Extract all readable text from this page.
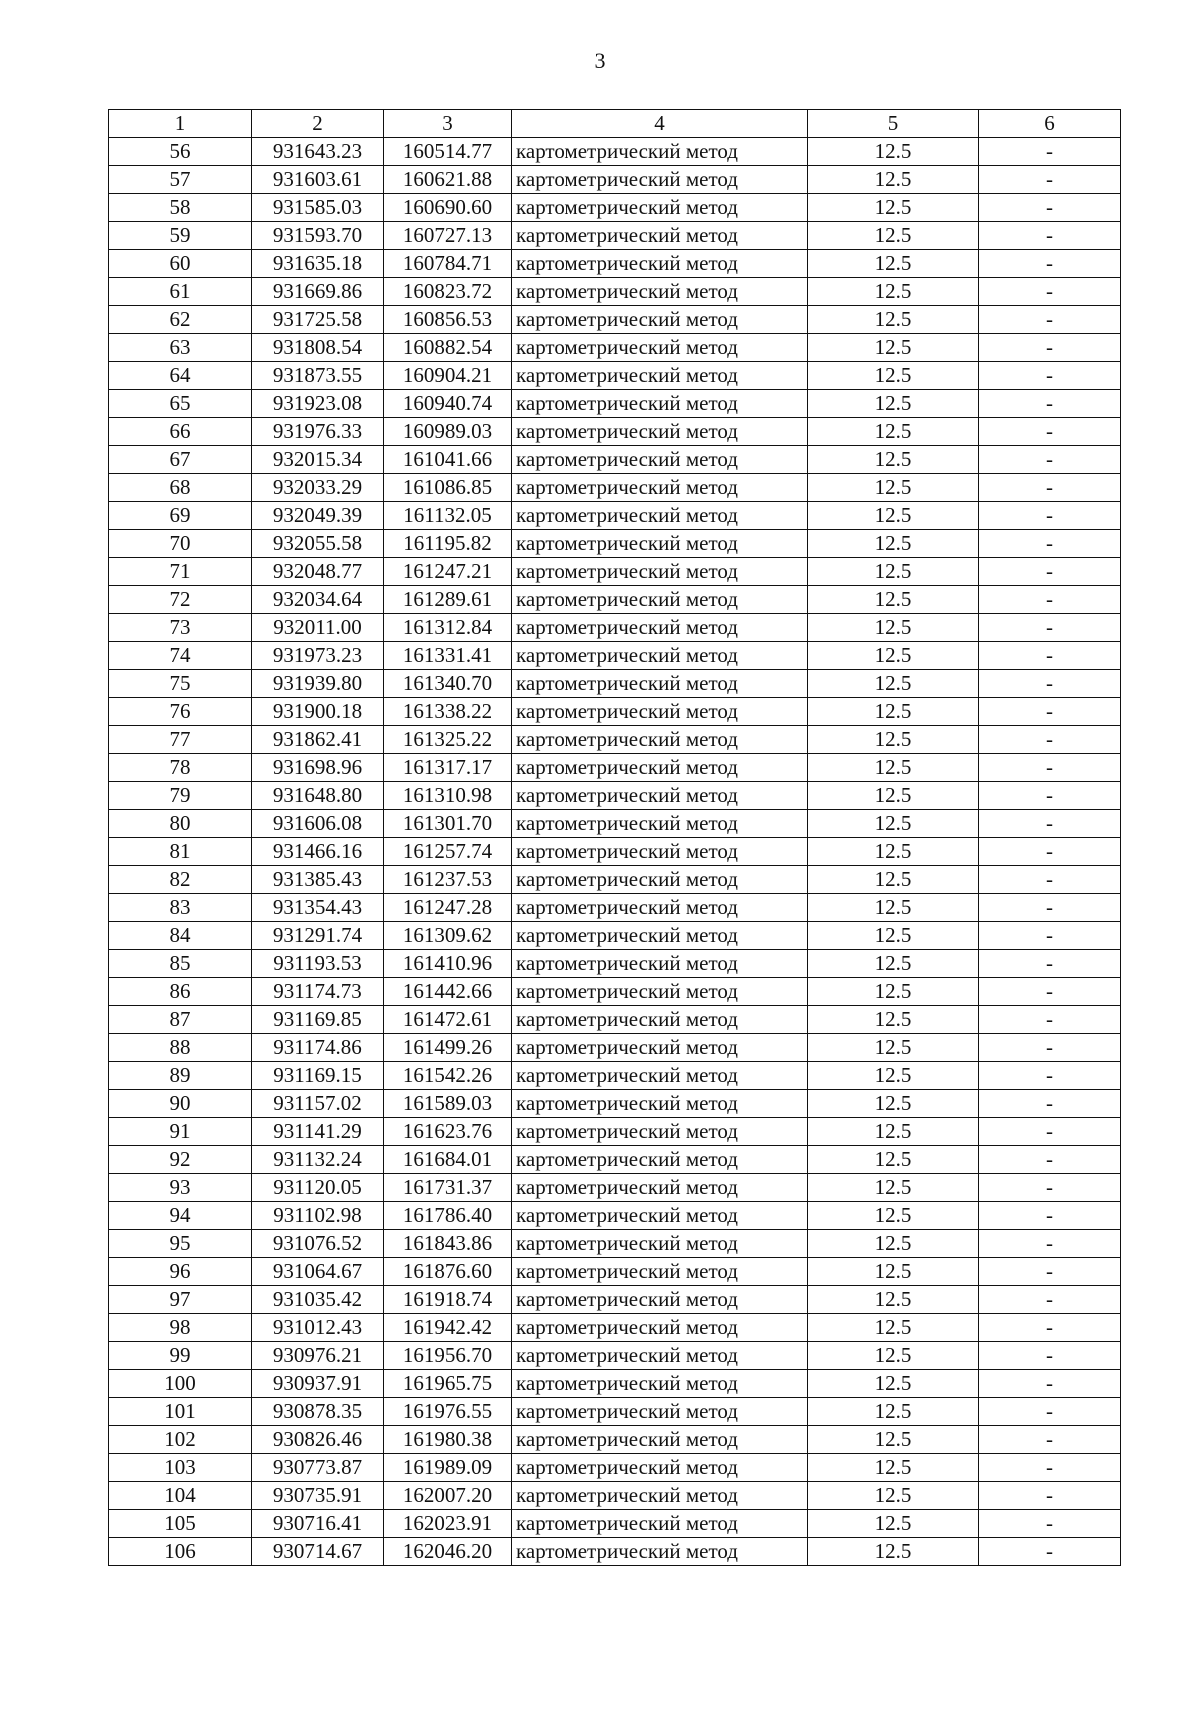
3
1	2	3	4	5	6
56	931643.23	160514.77	картометрический метод	12.5	-
57	931603.61	160621.88	картометрический метод	12.5	-
58	931585.03	160690.60	картометрический метод	12.5	-
59	931593.70	160727.13	картометрический метод	12.5	-
60	931635.18	160784.71	картометрический метод	12.5	-
61	931669.86	160823.72	картометрический метод	12.5	-
62	931725.58	160856.53	картометрический метод	12.5	-
63	931808.54	160882.54	картометрический метод	12.5	-
64	931873.55	160904.21	картометрический метод	12.5	-
65	931923.08	160940.74	картометрический метод	12.5	-
66	931976.33	160989.03	картометрический метод	12.5	-
67	932015.34	161041.66	картометрический метод	12.5	-
68	932033.29	161086.85	картометрический метод	12.5	-
69	932049.39	161132.05	картометрический метод	12.5	-
70	932055.58	161195.82	картометрический метод	12.5	-
71	932048.77	161247.21	картометрический метод	12.5	-
72	932034.64	161289.61	картометрический метод	12.5	-
73	932011.00	161312.84	картометрический метод	12.5	-
74	931973.23	161331.41	картометрический метод	12.5	-
75	931939.80	161340.70	картометрический метод	12.5	-
76	931900.18	161338.22	картометрический метод	12.5	-
77	931862.41	161325.22	картометрический метод	12.5	-
78	931698.96	161317.17	картометрический метод	12.5	-
79	931648.80	161310.98	картометрический метод	12.5	-
80	931606.08	161301.70	картометрический метод	12.5	-
81	931466.16	161257.74	картометрический метод	12.5	-
82	931385.43	161237.53	картометрический метод	12.5	-
83	931354.43	161247.28	картометрический метод	12.5	-
84	931291.74	161309.62	картометрический метод	12.5	-
85	931193.53	161410.96	картометрический метод	12.5	-
86	931174.73	161442.66	картометрический метод	12.5	-
87	931169.85	161472.61	картометрический метод	12.5	-
88	931174.86	161499.26	картометрический метод	12.5	-
89	931169.15	161542.26	картометрический метод	12.5	-
90	931157.02	161589.03	картометрический метод	12.5	-
91	931141.29	161623.76	картометрический метод	12.5	-
92	931132.24	161684.01	картометрический метод	12.5	-
93	931120.05	161731.37	картометрический метод	12.5	-
94	931102.98	161786.40	картометрический метод	12.5	-
95	931076.52	161843.86	картометрический метод	12.5	-
96	931064.67	161876.60	картометрический метод	12.5	-
97	931035.42	161918.74	картометрический метод	12.5	-
98	931012.43	161942.42	картометрический метод	12.5	-
99	930976.21	161956.70	картометрический метод	12.5	-
100	930937.91	161965.75	картометрический метод	12.5	-
101	930878.35	161976.55	картометрический метод	12.5	-
102	930826.46	161980.38	картометрический метод	12.5	-
103	930773.87	161989.09	картометрический метод	12.5	-
104	930735.91	162007.20	картометрический метод	12.5	-
105	930716.41	162023.91	картометрический метод	12.5	-
106	930714.67	162046.20	картометрический метод	12.5	-
